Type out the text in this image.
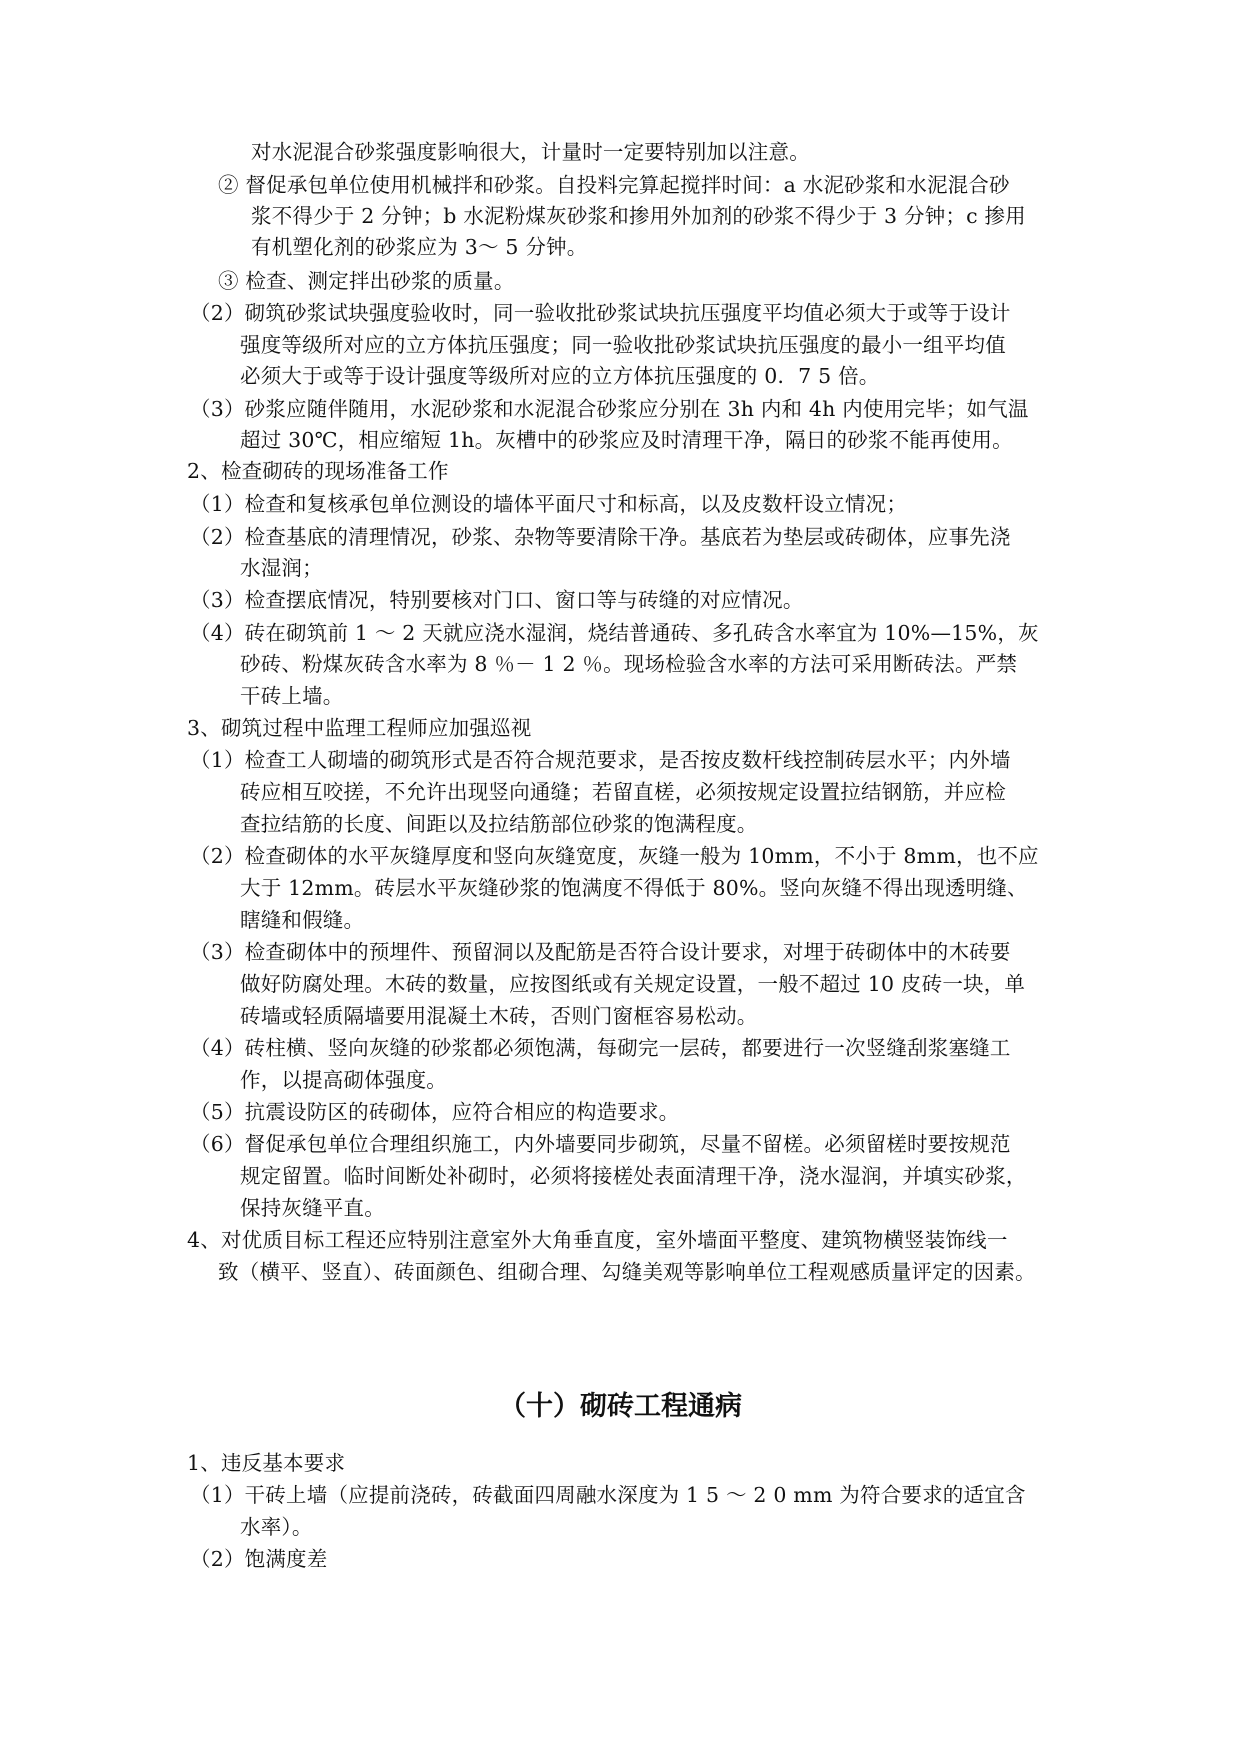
对水泥混合砂浆强度影响很大，计量时一定要特别加以注意。
② 督促承包单位使用机械拌和砂浆。自投料完算起搅拌时间：a 水泥砂浆和水泥混合砂
浆不得少于 2 分钟；b 水泥粉煤灰砂浆和掺用外加剂的砂浆不得少于 3 分钟；c 掺用
有机塑化剂的砂浆应为 3～ 5 分钟。
③ 检查、测定拌出砂浆的质量。
（2）砌筑砂浆试块强度验收时，同一验收批砂浆试块抗压强度平均值必须大于或等于设计
强度等级所对应的立方体抗压强度；同一验收批砂浆试块抗压强度的最小一组平均值
必须大于或等于设计强度等级所对应的立方体抗压强度的 0．7 5 倍。
（3）砂浆应随伴随用，水泥砂浆和水泥混合砂浆应分别在 3h 内和 4h 内使用完毕；如气温
超过 30℃，相应缩短 1h。灰槽中的砂浆应及时清理干净，隔日的砂浆不能再使用。
2、检查砌砖的现场准备工作
（1）检查和复核承包单位测设的墙体平面尺寸和标高，以及皮数杆设立情况；
（2）检查基底的清理情况，砂浆、杂物等要清除干净。基底若为垫层或砖砌体，应事先浇
水湿润；
（3）检查摆底情况，特别要核对门口、窗口等与砖缝的对应情况。
（4）砖在砌筑前 1 ～ 2 天就应浇水湿润，烧结普通砖、多孔砖含水率宜为 10%—15%，灰
砂砖、粉煤灰砖含水率为 8 ％－ 1 2 ％。现场检验含水率的方法可采用断砖法。严禁
干砖上墙。
3、砌筑过程中监理工程师应加强巡视
（1）检查工人砌墙的砌筑形式是否符合规范要求，是否按皮数杆线控制砖层水平；内外墙
砖应相互咬搓，不允许出现竖向通缝；若留直槎，必须按规定设置拉结钢筋，并应检
查拉结筋的长度、间距以及拉结筋部位砂浆的饱满程度。
（2）检查砌体的水平灰缝厚度和竖向灰缝宽度，灰缝一般为 10mm，不小于 8mm，也不应
大于 12mm。砖层水平灰缝砂浆的饱满度不得低于 80%。竖向灰缝不得出现透明缝、
瞎缝和假缝。
（3）检查砌体中的预埋件、预留洞以及配筋是否符合设计要求，对埋于砖砌体中的木砖要
做好防腐处理。木砖的数量，应按图纸或有关规定设置，一般不超过 10 皮砖一块，单
砖墙或轻质隔墙要用混凝土木砖，否则门窗框容易松动。
（4）砖柱横、竖向灰缝的砂浆都必须饱满，每砌完一层砖，都要进行一次竖缝刮浆塞缝工
作，以提高砌体强度。
（5）抗震设防区的砖砌体，应符合相应的构造要求。
（6）督促承包单位合理组织施工，内外墙要同步砌筑，尽量不留槎。必须留槎时要按规范
规定留置。临时间断处补砌时，必须将接槎处表面清理干净，浇水湿润，并填实砂浆，
保持灰缝平直。
4、对优质目标工程还应特别注意室外大角垂直度，室外墙面平整度、建筑物横竖装饰线一
致（横平、竖直）、砖面颜色、组砌合理、勾缝美观等影响单位工程观感质量评定的因素。
（十）砌砖工程通病
1、违反基本要求
（1）干砖上墙（应提前浇砖，砖截面四周融水深度为 1 5 ～ 2 0 mm 为符合要求的适宜含
水率）。
（2）饱满度差
